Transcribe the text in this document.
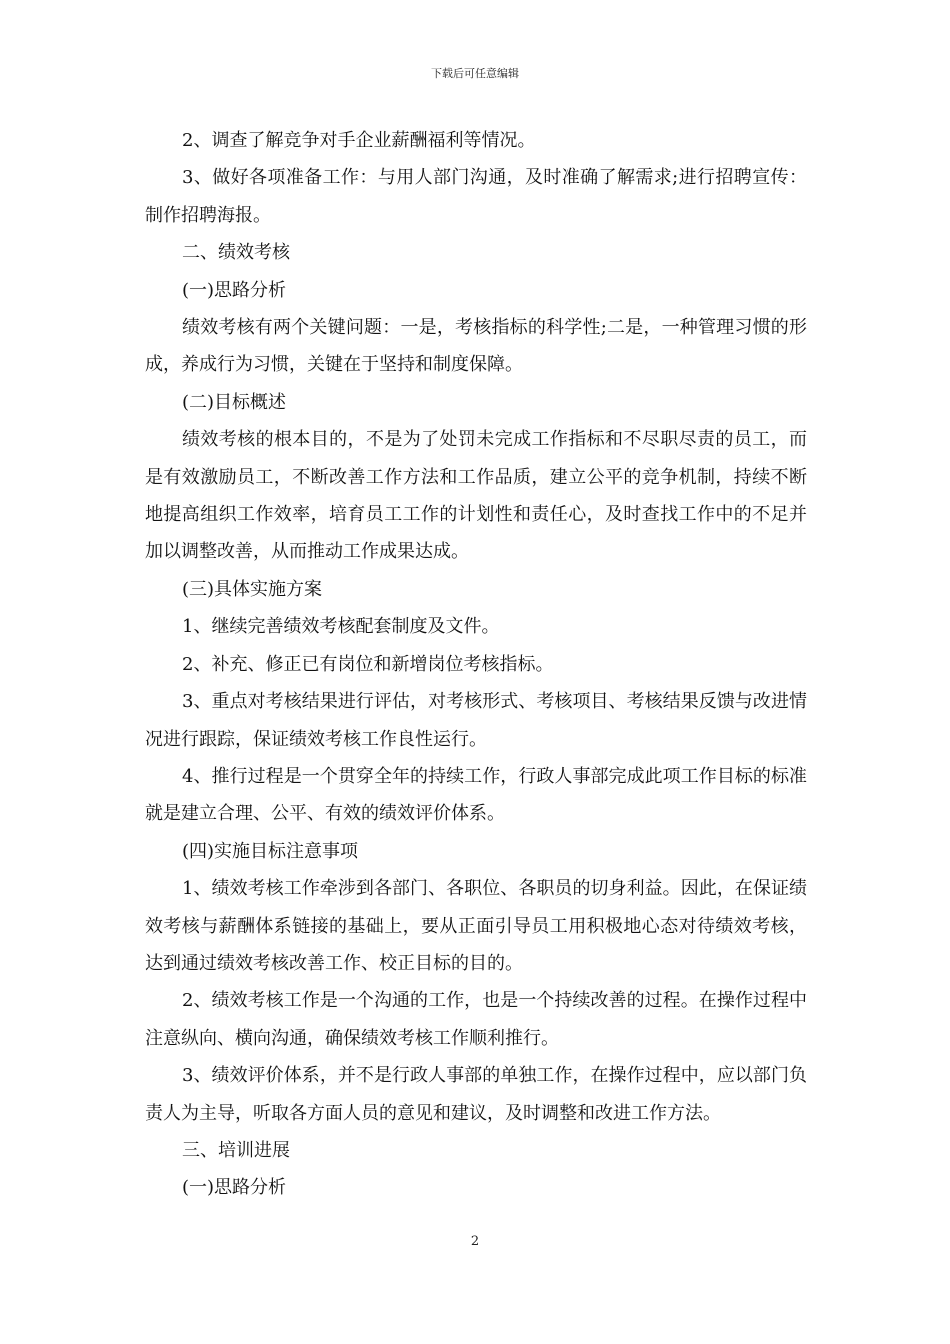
下载后可任意编辑

2、调查了解竞争对手企业薪酬福利等情况。

3、做好各项准备工作：与用人部门沟通，及时准确了解需求;进行招聘宣传：制作招聘海报。

二、绩效考核

(一)思路分析

绩效考核有两个关键问题：一是，考核指标的科学性;二是，一种管理习惯的形成，养成行为习惯，关键在于坚持和制度保障。

(二)目标概述

绩效考核的根本目的，不是为了处罚未完成工作指标和不尽职尽责的员工，而是有效激励员工，不断改善工作方法和工作品质，建立公平的竞争机制，持续不断地提高组织工作效率，培育员工工作的计划性和责任心，及时查找工作中的不足并加以调整改善，从而推动工作成果达成。

(三)具体实施方案

1、继续完善绩效考核配套制度及文件。

2、补充、修正已有岗位和新增岗位考核指标。

3、重点对考核结果进行评估，对考核形式、考核项目、考核结果反馈与改进情况进行跟踪，保证绩效考核工作良性运行。

4、推行过程是一个贯穿全年的持续工作，行政人事部完成此项工作目标的标准就是建立合理、公平、有效的绩效评价体系。

(四)实施目标注意事项

1、绩效考核工作牵涉到各部门、各职位、各职员的切身利益。因此，在保证绩效考核与薪酬体系链接的基础上，要从正面引导员工用积极地心态对待绩效考核，达到通过绩效考核改善工作、校正目标的目的。

2、绩效考核工作是一个沟通的工作，也是一个持续改善的过程。在操作过程中注意纵向、横向沟通，确保绩效考核工作顺利推行。

3、绩效评价体系，并不是行政人事部的单独工作，在操作过程中，应以部门负责人为主导，听取各方面人员的意见和建议，及时调整和改进工作方法。

三、培训进展

(一)思路分析

2
